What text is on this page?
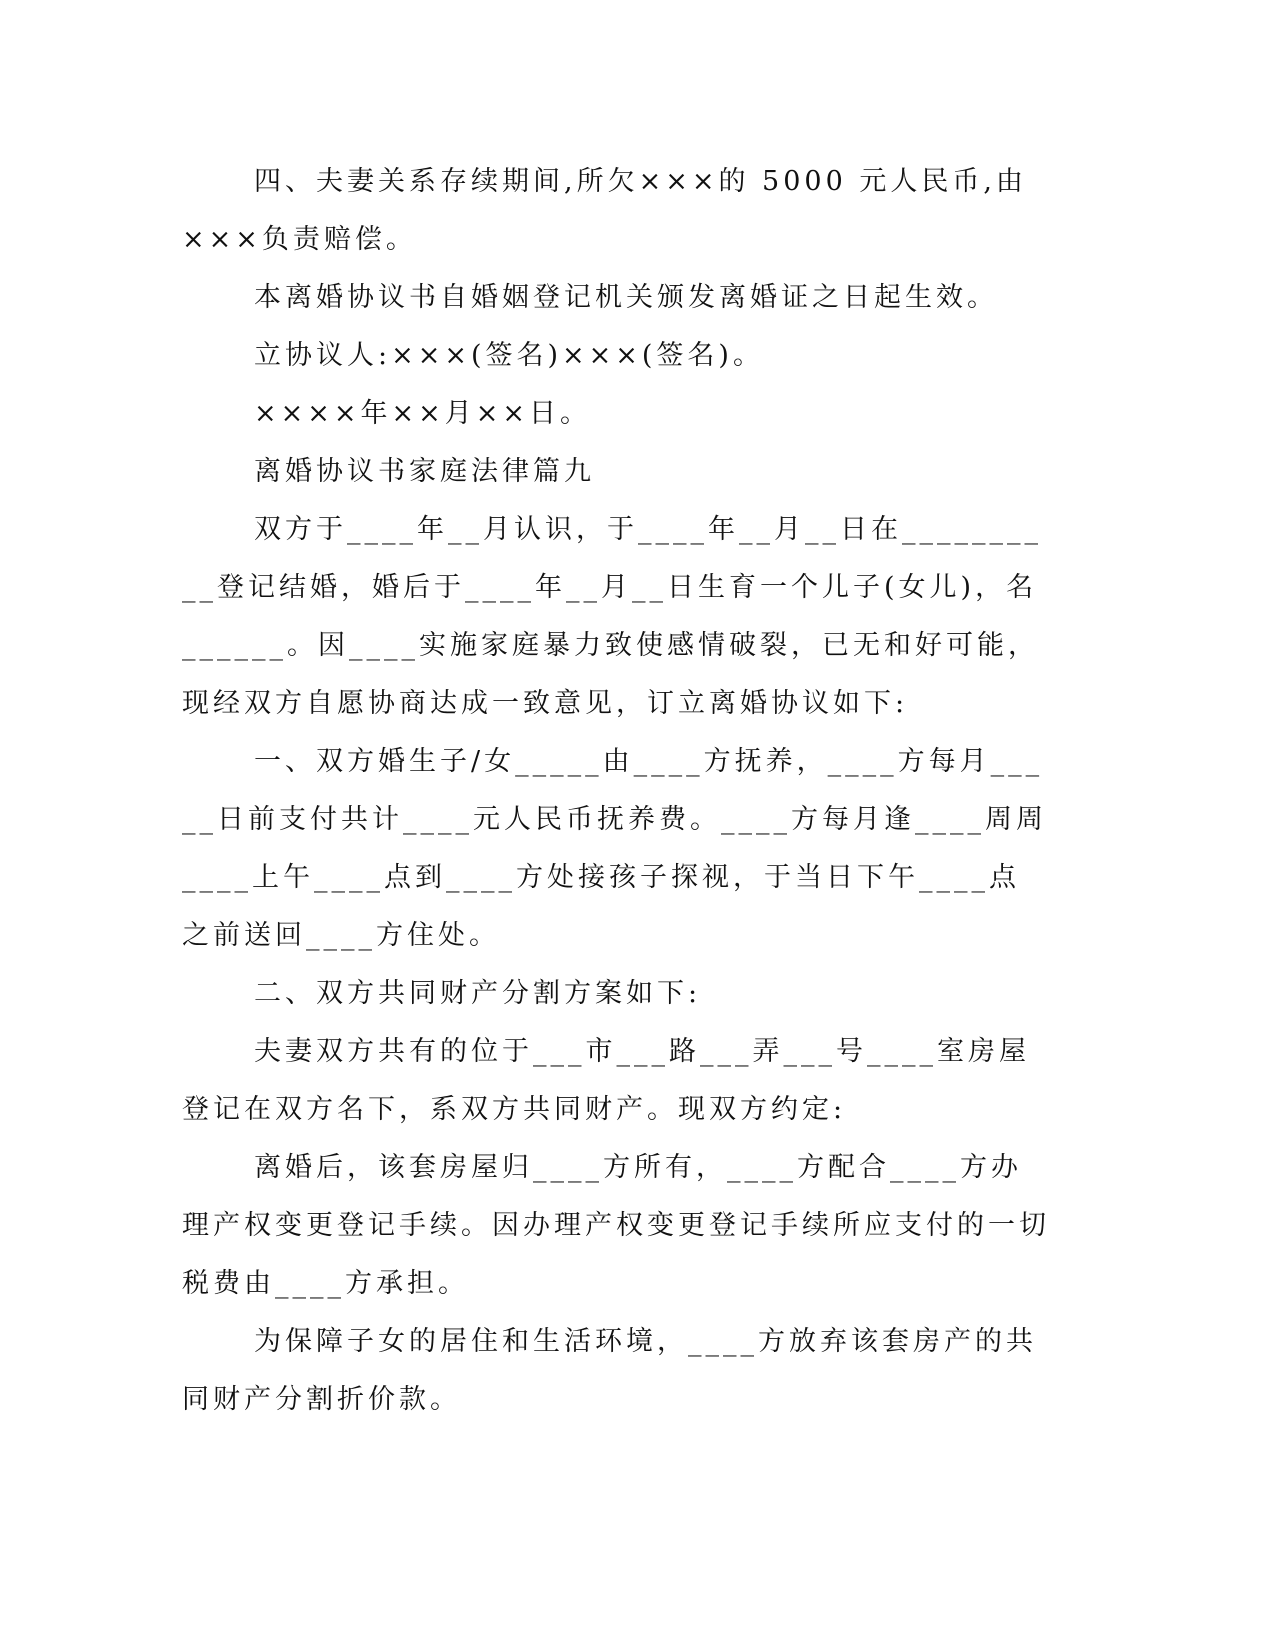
四、夫妻关系存续期间,所欠×××的 5000 元人民币,由×××负责赔偿。

本离婚协议书自婚姻登记机关颁发离婚证之日起生效。

立协议人:×××(签名)×××(签名)。

××××年××月××日。

离婚协议书家庭法律篇九

双方于____年__月认识，于____年__月__日在__________登记结婚，婚后于____年__月__日生育一个儿子(女儿)，名______。因____实施家庭暴力致使感情破裂，已无和好可能，现经双方自愿协商达成一致意见，订立离婚协议如下:

一、双方婚生子/女_____由____方抚养，____方每月_____日前支付共计____元人民币抚养费。____方每月逢____周周____上午____点到____方处接孩子探视，于当日下午____点之前送回____方住处。

二、双方共同财产分割方案如下:

夫妻双方共有的位于___市___路___弄___号____室房屋登记在双方名下，系双方共同财产。现双方约定:

离婚后，该套房屋归____方所有，____方配合____方办理产权变更登记手续。因办理产权变更登记手续所应支付的一切税费由____方承担。

为保障子女的居住和生活环境，____方放弃该套房产的共同财产分割折价款。
